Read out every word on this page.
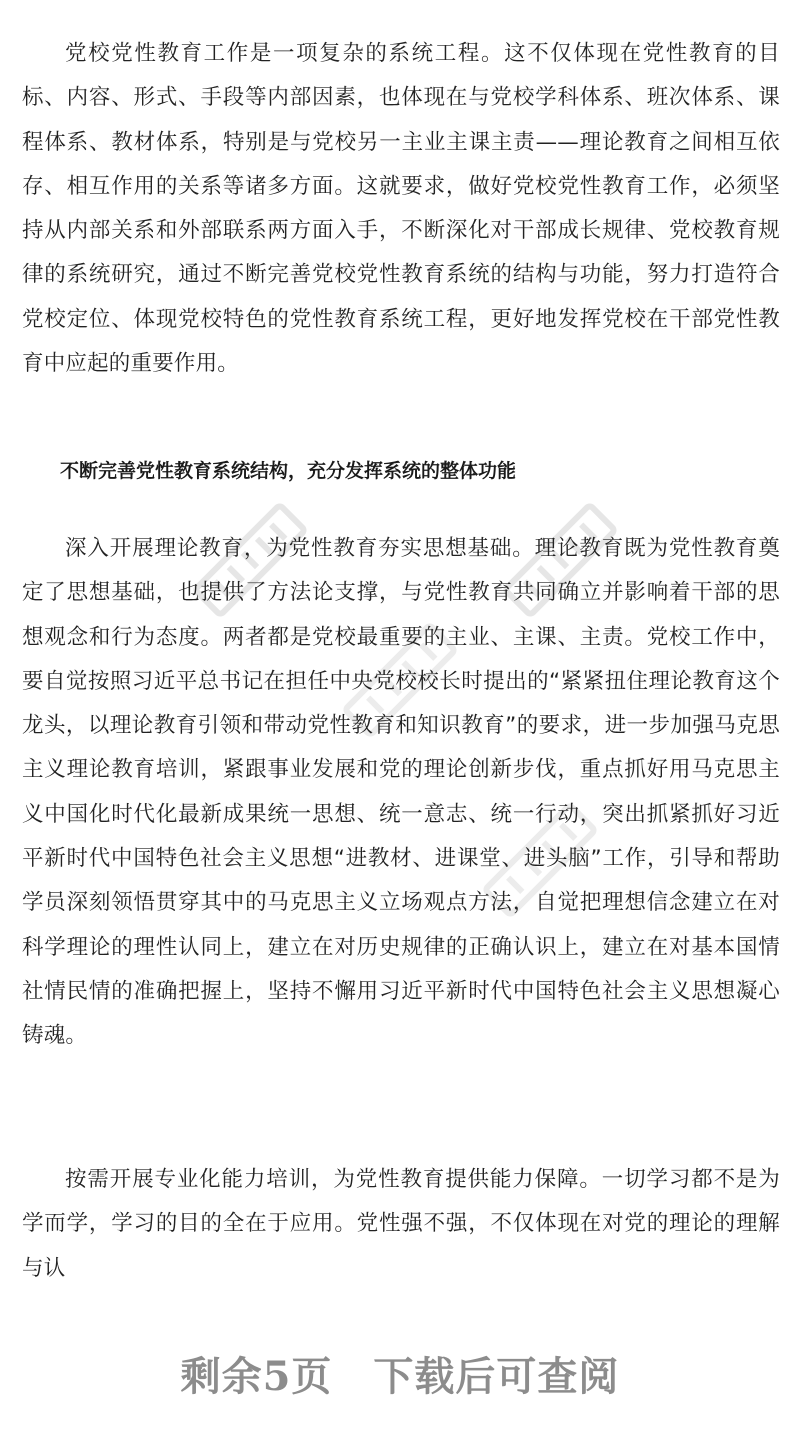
党校党性教育工作是一项复杂的系统工程。这不仅体现在党性教育的目标、内容、形式、手段等内部因素，也体现在与党校学科体系、班次体系、课程体系、教材体系，特别是与党校另一主业主课主责——理论教育之间相互依存、相互作用的关系等诸多方面。这就要求，做好党校党性教育工作，必须坚持从内部关系和外部联系两方面入手，不断深化对干部成长规律、党校教育规律的系统研究，通过不断完善党校党性教育系统的结构与功能，努力打造符合党校定位、体现党校特色的党性教育系统工程，更好地发挥党校在干部党性教育中应起的重要作用。

不断完善党性教育系统结构，充分发挥系统的整体功能

深入开展理论教育，为党性教育夯实思想基础。理论教育既为党性教育奠定了思想基础，也提供了方法论支撑，与党性教育共同确立并影响着干部的思想观念和行为态度。两者都是党校最重要的主业、主课、主责。党校工作中，要自觉按照习近平总书记在担任中央党校校长时提出的“紧紧扭住理论教育这个龙头，以理论教育引领和带动党性教育和知识教育”的要求，进一步加强马克思主义理论教育培训，紧跟事业发展和党的理论创新步伐，重点抓好用马克思主义中国化时代化最新成果统一思想、统一意志、统一行动，突出抓紧抓好习近平新时代中国特色社会主义思想“进教材、进课堂、进头脑”工作，引导和帮助学员深刻领悟贯穿其中的马克思主义立场观点方法，自觉把理想信念建立在对科学理论的理性认同上，建立在对历史规律的正确认识上，建立在对基本国情社情民情的准确把握上，坚持不懈用习近平新时代中国特色社会主义思想凝心铸魂。

按需开展专业化能力培训，为党性教育提供能力保障。一切学习都不是为学而学，学习的目的全在于应用。党性强不强，不仅体现在对党的理论的理解与认

剩余5页　下载后可查阅
